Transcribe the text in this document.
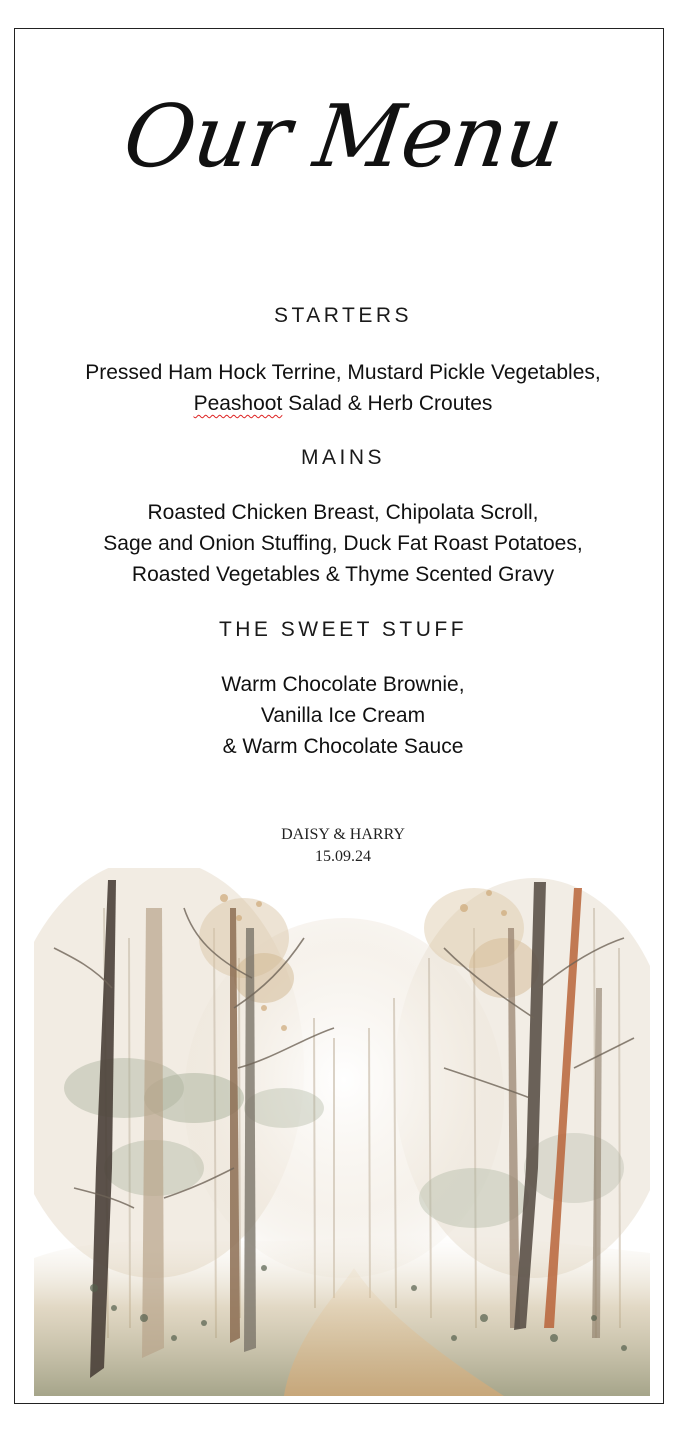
Our Menu
STARTERS
Pressed Ham Hock Terrine, Mustard Pickle Vegetables,
Peashoot Salad & Herb Croutes
MAINS
Roasted Chicken Breast, Chipolata Scroll,
Sage and Onion Stuffing, Duck Fat Roast Potatoes,
Roasted Vegetables & Thyme Scented Gravy
THE SWEET STUFF
Warm Chocolate Brownie,
Vanilla Ice Cream
& Warm Chocolate Sauce
DAISY & HARRY
15.09.24
